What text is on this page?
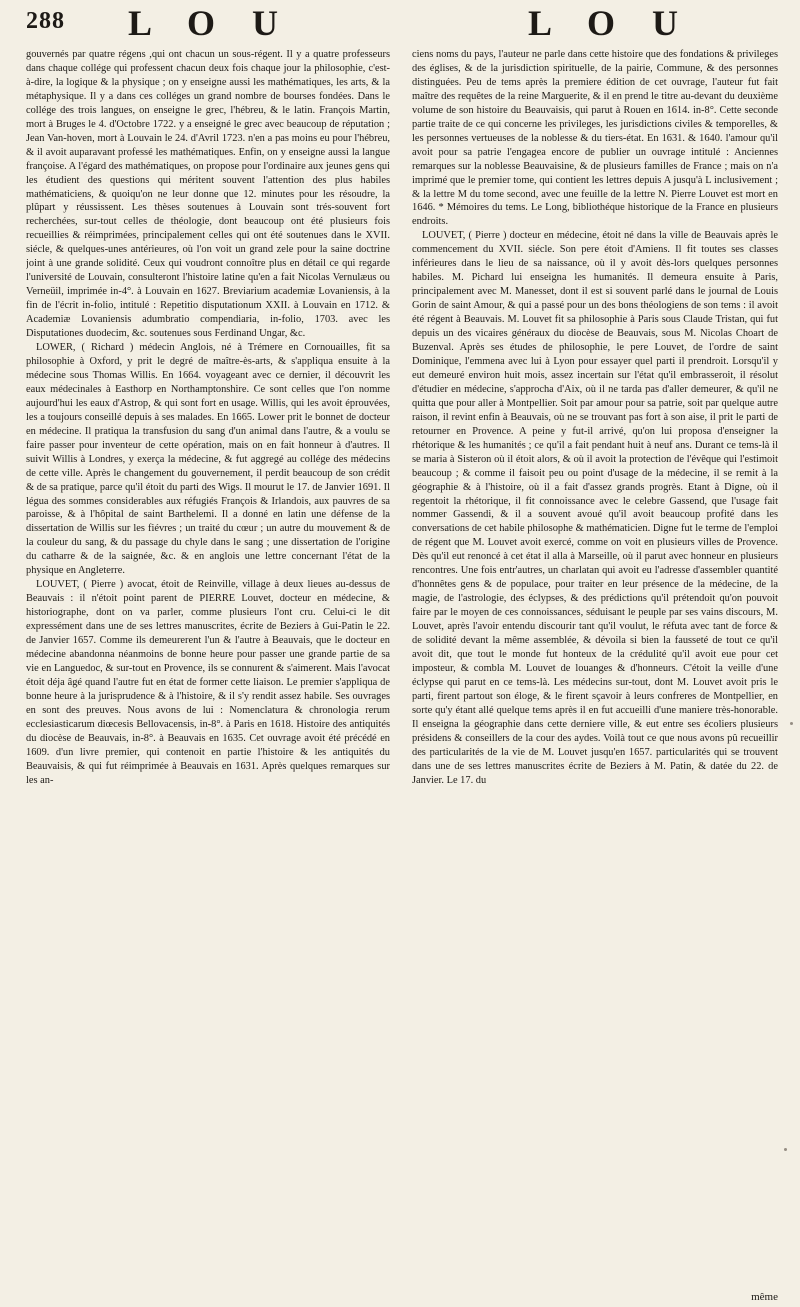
288 L O U	L O U

gouvernés par quatre régens ,qui ont chacun un sous-régent. Il y a quatre professeurs dans chaque collége qui professent chacun deux fois chaque jour la philosophie, c'est-à-dire, la logique & la physique ; on y enseigne aussi les mathématiques, les arts, & la métaphysique. Il y a dans ces colléges un grand nombre de bourses fondées. Dans le collége des trois langues, on enseigne le grec, l'hébreu, & le latin. François Martin, mort à Bruges le 4. d'Octobre 1722. y a enseigné le grec avec beaucoup de réputation ; Jean Van-hoven, mort à Louvain le 24. d'Avril 1723. n'en a pas moins eu pour l'hébreu, & il avoit auparavant professé les mathématiques. Enfin, on y enseigne aussi la langue françoise. A l'égard des mathématiques, on propose pour l'ordinaire aux jeunes gens qui les étudient des questions qui méritent souvent l'attention des plus habiles mathématiciens, & quoiqu'on ne leur donne que 12. minutes pour les résoudre, la plûpart y réussissent. Les thèses soutenues à Louvain sont trés-souvent fort recherchées, sur-tout celles de théologie, dont beaucoup ont été plusieurs fois recueillies & réimprimées, principalement celles qui ont été soutenues dans le XVII. siécle, & quelques-unes antérieures, où l'on voit un grand zele pour la saine doctrine joint à une grande solidité. Ceux qui voudront connoître plus en détail ce qui regarde l'université de Louvain, consulteront l'histoire latine qu'en a fait Nicolas Vernulæus ou Verneüil, imprimée in-4°. à Louvain en 1627. Breviarium academiæ Lovaniensis, à la fin de l'écrit in-folio, intitulé : Repetitio disputationum XXII. à Louvain en 1712. & Academiæ Lovaniensis adumbratio compendiaria, in-folio, 1703. avec les Disputationes duodecim, &c. soutenues sous Ferdinand Ungar, &c.

LOWER, ( Richard ) médecin Anglois, né à Trémere en Cornouailles, fit sa philosophie à Oxford, y prit le degré de maître-ès-arts, & s'appliqua ensuite à la médecine sous Thomas Willis. En 1664. voyageant avec ce dernier, il découvrit les eaux médecinales à Easthorp en Northamptonshire. Ce sont celles que l'on nomme aujourd'hui les eaux d'Astrop, & qui sont fort en usage. Willis, qui les avoit éprouvées, les a toujours conseillé depuis à ses malades. En 1665. Lower prit le bonnet de docteur en médecine. Il pratiqua la transfusion du sang d'un animal dans l'autre, & a voulu se faire passer pour inventeur de cette opération, mais on en fait honneur à d'autres. Il suivit Willis à Londres, y exerça la médecine, & fut aggregé au collége des médecins de cette ville. Après le changement du gouvernement, il perdit beaucoup de son crédit & de sa pratique, parce qu'il étoit du parti des Wigs. Il mourut le 17. de Janvier 1691. Il légua des sommes considerables aux réfugiés François & Irlandois, aux pauvres de sa paroisse, & à l'hôpital de saint Barthelemi. Il a donné en latin une défense de la dissertation de Willis sur les fiévres ; un traité du cœur ; un autre du mouvement & de la couleur du sang, & du passage du chyle dans le sang ; une dissertation de l'origine du catharre & de la saignée, &c. & en anglois une lettre concernant l'état de la physique en Angleterre.

LOUVET, ( Pierre ) avocat, étoit de Reinville, village à deux lieues au-dessus de Beauvais : il n'étoit point parent de PIERRE Louvet, docteur en médecine, & historiographe, dont on va parler, comme plusieurs l'ont cru. Celui-ci le dit expressément dans une de ses lettres manuscrites, écrite de Beziers à Gui-Patin le 22. de Janvier 1657. Comme ils demeurerent l'un & l'autre à Beauvais, que le docteur en médecine abandonna néanmoins de bonne heure pour passer une grande partie de sa vie en Languedoc, & sur-tout en Provence, ils se connurent & s'aimerent. Mais l'avocat étoit déja âgé quand l'autre fut en état de former cette liaison. Le premier s'appliqua de bonne heure à la jurisprudence & à l'histoire, & il s'y rendit assez habile. Ses ouvrages en sont des preuves. Nous avons de lui : Nomenclatura & chronologia rerum ecclesiasticarum diœcesis Bellovacensis, in-8°. à Paris en 1618. Histoire des antiquités du diocèse de Beauvais, in-8°. à Beauvais en 1635. Cet ouvrage avoit été précédé en 1609. d'un livre premier, qui contenoit en partie l'histoire & les antiquités du Beauvaisis, & qui fut réimprimée à Beauvais en 1631. Après quelques remarques sur les an-

ciens noms du pays, l'auteur ne parle dans cette histoire que des fondations & privileges des églises, & de la jurisdiction spirituelle, de la pairie, Commune, & des personnes distinguées. Peu de tems après la premiere édition de cet ouvrage, l'auteur fut fait maître des requêtes de la reine Marguerite, & il en prend le titre au-devant du deuxième volume de son histoire du Beauvaisis, qui parut à Rouen en 1614. in-8°. Cette seconde partie traite de ce qui concerne les privileges, les jurisdictions civiles & temporelles, & les personnes vertueuses de la noblesse & du tiers-état. En 1631. & 1640. l'amour qu'il avoit pour sa patrie l'engagea encore de publier un ouvrage intitulé : Anciennes remarques sur la noblesse Beauvaisine, & de plusieurs familles de France ; mais on n'a imprimé que le premier tome, qui contient les lettres depuis A jusqu'à L inclusivement ; & la lettre M du tome second, avec une feuille de la lettre N. Pierre Louvet est mort en 1646. * Mémoires du tems. Le Long, bibliothéque historique de la France en plusieurs endroits.

LOUVET, ( Pierre ) docteur en médecine, étoit né dans la ville de Beauvais après le commencement du XVII. siécle. Son pere étoit d'Amiens. Il fit toutes ses classes inférieures dans le lieu de sa naissance, où il y avoit dès-lors quelques personnes habiles. M. Pichard lui enseigna les humanités. Il demeura ensuite à Paris, principalement avec M. Manesset, dont il est si souvent parlé dans le journal de Louis Gorin de saint Amour, & qui a passé pour un des bons théologiens de son tems : il avoit été régent à Beauvais. M. Louvet fit sa philosophie à Paris sous Claude Tristan, qui fut depuis un des vicaires généraux du diocèse de Beauvais, sous M. Nicolas Choart de Buzenval. Après ses études de philosophie, le pere Louvet, de l'ordre de saint Dominique, l'emmena avec lui à Lyon pour essayer quel parti il prendroit. Lorsqu'il y eut demeuré environ huit mois, assez incertain sur l'état qu'il embrasseroit, il résolut d'étudier en médecine, s'approcha d'Aix, où il ne tarda pas d'aller demeurer, & qu'il ne quitta que pour aller à Montpellier. Soit par amour pour sa patrie, soit par quelque autre raison, il revint enfin à Beauvais, où ne se trouvant pas fort à son aise, il prit le parti de retourner en Provence. A peine y fut-il arrivé, qu'on lui proposa d'enseigner la rhétorique & les humanités ; ce qu'il a fait pendant huit à neuf ans. Durant ce tems-là il se maria à Sisteron où il étoit alors, & où il avoit la protection de l'évêque qui l'estimoit beaucoup ; & comme il faisoit peu ou point d'usage de la médecine, il se remit à la géographie & à l'histoire, où il a fait d'assez grands progrès. Etant à Digne, où il regentoit la rhétorique, il fit connoissance avec le celebre Gassend, que l'usage fait nommer Gassendi, & il a souvent avoué qu'il avoit beaucoup profité dans les conversations de cet habile philosophe & mathématicien. Digne fut le terme de l'emploi de régent que M. Louvet avoit exercé, comme on voit en plusieurs villes de Provence. Dès qu'il eut renoncé à cet état il alla à Marseille, où il parut avec honneur en plusieurs rencontres. Une fois entr'autres, un charlatan qui avoit eu l'adresse d'assembler quantité d'honnêtes gens & de populace, pour traiter en leur présence de la médecine, de la magie, de l'astrologie, des éclypses, & des prédictions qu'il prétendoit qu'on pouvoit faire par le moyen de ces connoissances, séduisant le peuple par ses vains discours, M. Louvet, après l'avoir entendu discourir tant qu'il voulut, le réfuta avec tant de force & de solidité devant la même assemblée, & dévoila si bien la fausseté de tout ce qu'il avoit dit, que tout le monde fut honteux de la crédulité qu'il avoit eue pour cet imposteur, & combla M. Louvet de louanges & d'honneurs. C'étoit la veille d'une éclypse qui parut en ce tems-là. Les médecins sur-tout, dont M. Louvet avoit pris le parti, firent partout son éloge, & le firent sçavoir à leurs confreres de Montpellier, en sorte qu'y étant allé quelque tems après il en fut accueilli d'une maniere très-honorable. Il enseigna la géographie dans cette derniere ville, & eut entre ses écoliers plusieurs présidens & conseillers de la cour des aydes. Voilà tout ce que nous avons pû recueillir des particularités de la vie de M. Louvet jusqu'en 1657. particularités qui se trouvent dans une de ses lettres manuscrites écrite de Beziers à M. Patin, & datée du 22. de Janvier. Le 17. du

même
